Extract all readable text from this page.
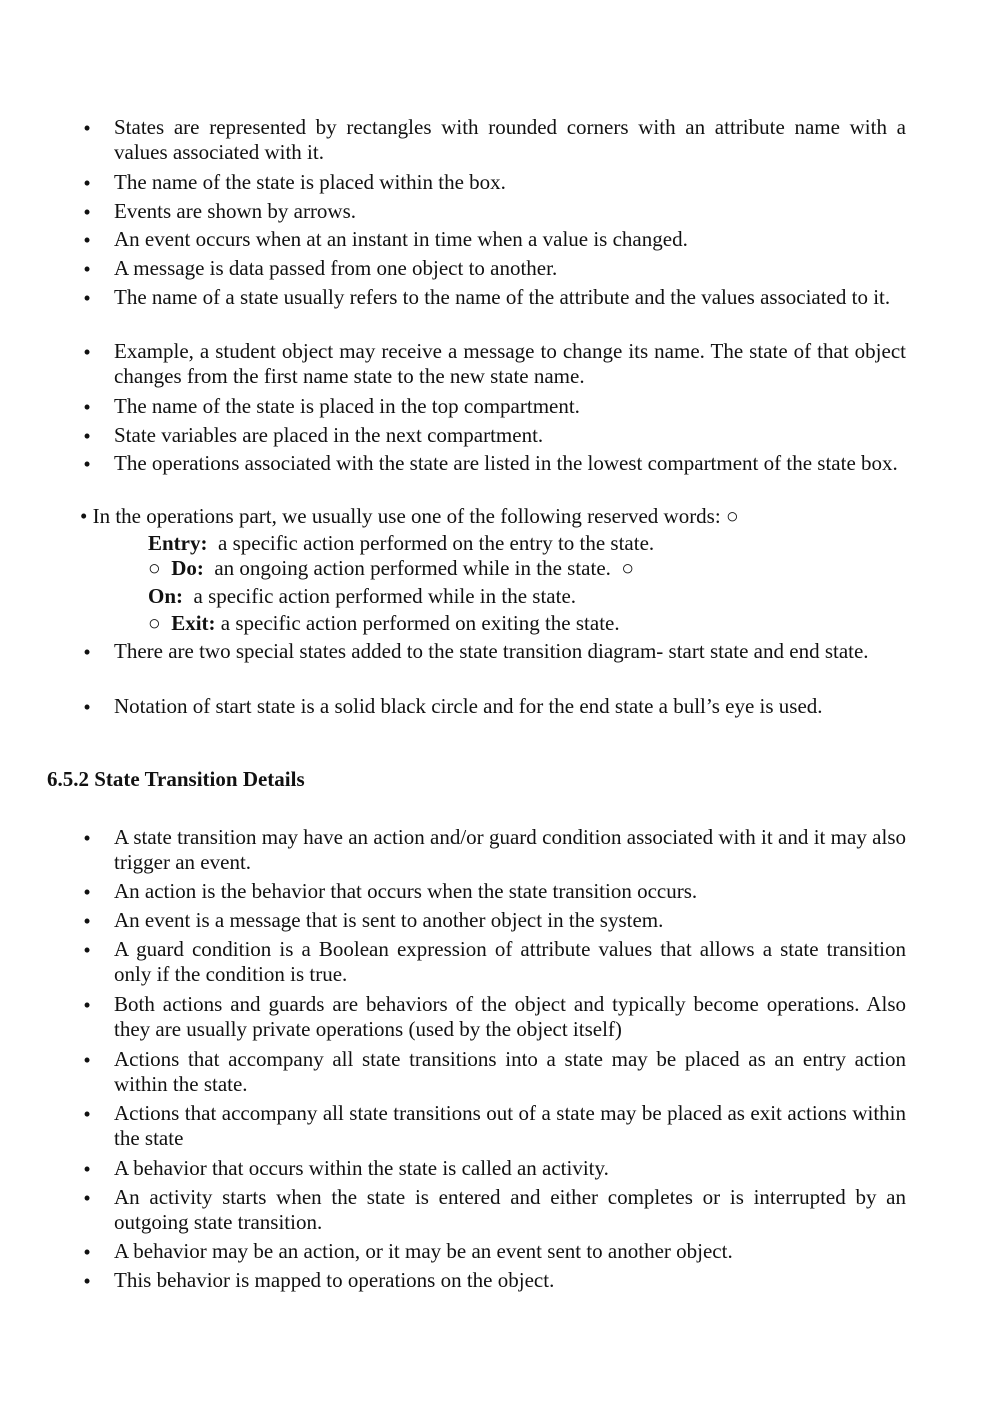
• States are represented by rectangles with rounded corners with an attribute name with a values associated with it.
• The name of the state is placed within the box.
• Events are shown by arrows.
• An event occurs when at an instant in time when a value is changed.
• A message is data passed from one object to another.
• The name of a state usually refers to the name of the attribute and the values associated to it.
• Example, a student object may receive a message to change its name. The state of that object changes from the first name state to the new state name.
• The name of the state is placed in the top compartment.
• State variables are placed in the next compartment.
• The operations associated with the state are listed in the lowest compartment of the state box.
• In the operations part, we usually use one of the following reserved words: ○
Entry: a specific action performed on the entry to the state.
○ Do: an ongoing action performed while in the state. ○
On: a specific action performed while in the state.
○ Exit: a specific action performed on exiting the state.
• There are two special states added to the state transition diagram- start state and end state.
• Notation of start state is a solid black circle and for the end state a bull’s eye is used.
6.5.2 State Transition Details
• A state transition may have an action and/or guard condition associated with it and it may also trigger an event.
• An action is the behavior that occurs when the state transition occurs.
• An event is a message that is sent to another object in the system.
• A guard condition is a Boolean expression of attribute values that allows a state transition only if the condition is true.
• Both actions and guards are behaviors of the object and typically become operations. Also they are usually private operations (used by the object itself)
• Actions that accompany all state transitions into a state may be placed as an entry action within the state.
• Actions that accompany all state transitions out of a state may be placed as exit actions within the state
• A behavior that occurs within the state is called an activity.
• An activity starts when the state is entered and either completes or is interrupted by an outgoing state transition.
• A behavior may be an action, or it may be an event sent to another object.
• This behavior is mapped to operations on the object.
